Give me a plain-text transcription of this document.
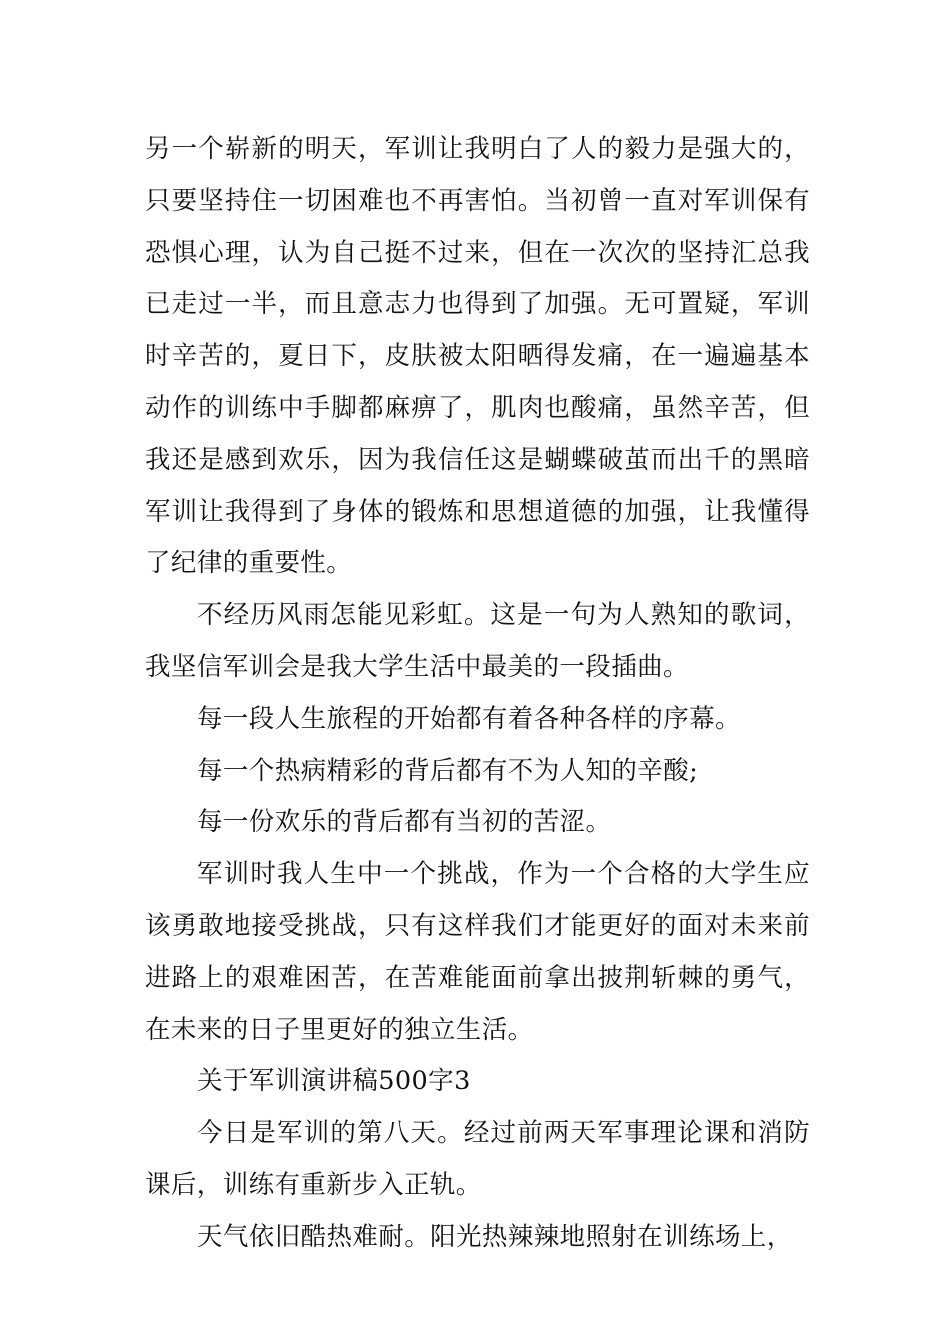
另一个崭新的明天，军训让我明白了人的毅力是强大的，只要坚持住一切困难也不再害怕。当初曾一直对军训保有恐惧心理，认为自己挺不过来，但在一次次的坚持汇总我已走过一半，而且意志力也得到了加强。无可置疑，军训时辛苦的，夏日下，皮肤被太阳晒得发痛，在一遍遍基本动作的训练中手脚都麻痹了，肌肉也酸痛，虽然辛苦，但我还是感到欢乐，因为我信任这是蝴蝶破茧而出千的黑暗军训让我得到了身体的锻炼和思想道德的加强，让我懂得了纪律的重要性。

不经历风雨怎能见彩虹。这是一句为人熟知的歌词，我坚信军训会是我大学生活中最美的一段插曲。

每一段人生旅程的开始都有着各种各样的序幕。

每一个热病精彩的背后都有不为人知的辛酸;

每一份欢乐的背后都有当初的苦涩。

军训时我人生中一个挑战，作为一个合格的大学生应该勇敢地接受挑战，只有这样我们才能更好的面对未来前进路上的艰难困苦，在苦难能面前拿出披荆斩棘的勇气，在未来的日子里更好的独立生活。

关于军训演讲稿500字3

今日是军训的第八天。经过前两天军事理论课和消防课后，训练有重新步入正轨。

天气依旧酷热难耐。阳光热辣辣地照射在训练场上，
